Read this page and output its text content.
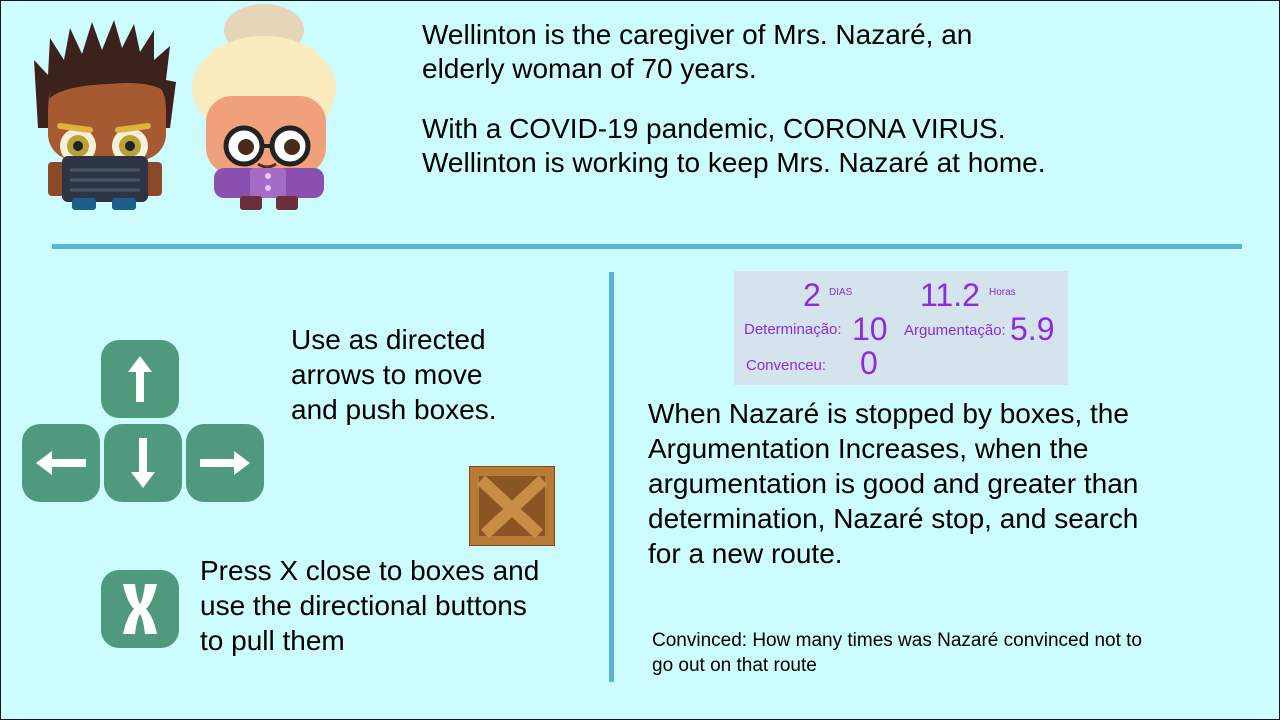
Wellinton is the caregiver of Mrs. Nazaré, an
elderly woman of 70 years.
With a COVID-19 pandemic, CORONA VIRUS.
Wellinton is working to keep Mrs. Nazaré at home.
Use as directed
arrows to move
and push boxes.
Press X close to boxes and
use the directional buttons
to pull them
2 DIAS 11.2 Horas
Determinação: 10 Argumentação: 5.9
Convenceu: 0
When Nazaré is stopped by boxes, the
Argumentation Increases, when the
argumentation is good and greater than
determination, Nazaré stop, and search
for a new route.
Convinced: How many times was Nazaré convinced not to
go out on that route
